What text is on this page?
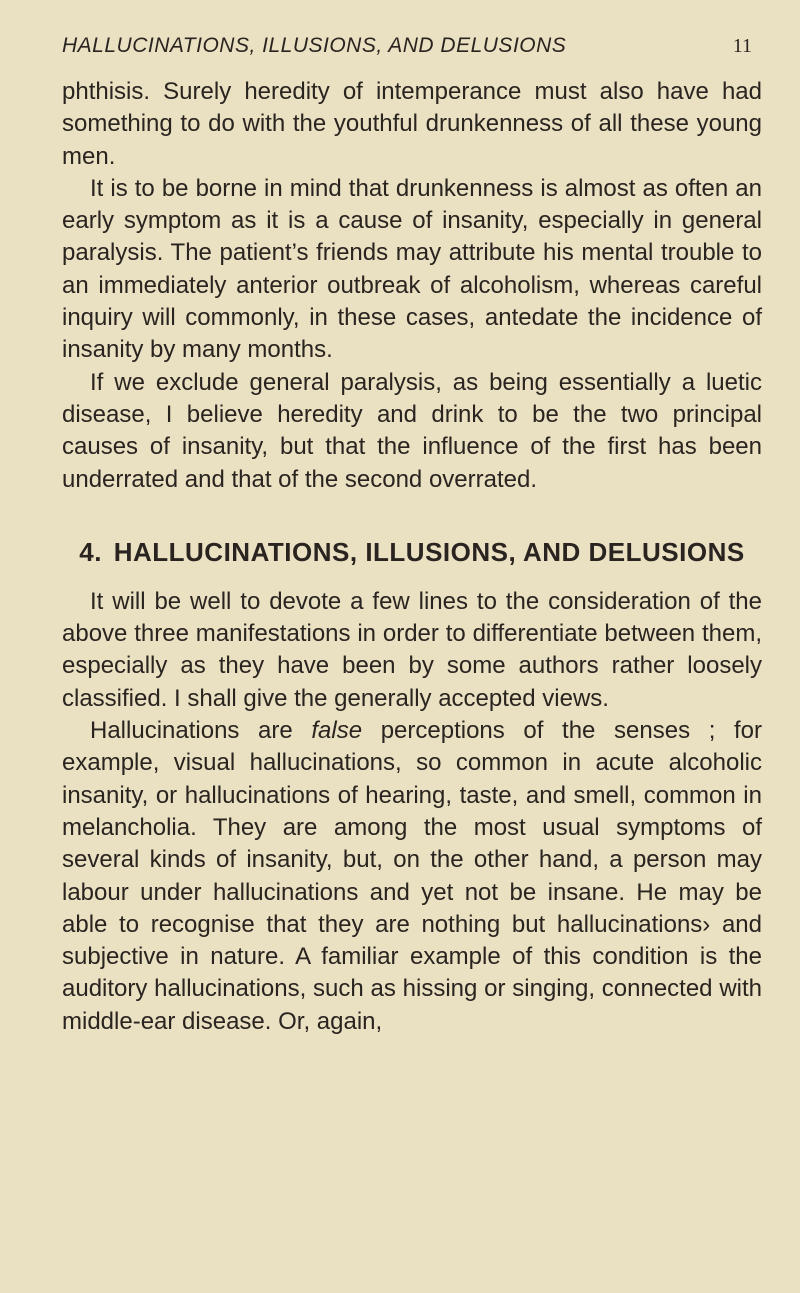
HALLUCINATIONS, ILLUSIONS, AND DELUSIONS	11

phthisis. Surely heredity of intemperance must also have had something to do with the youthful drunkenness of all these young men.

It is to be borne in mind that drunkenness is almost as often an early symptom as it is a cause of insanity, especially in general paralysis. The patient’s friends may attribute his mental trouble to an immediately anterior outbreak of alcoholism, whereas careful inquiry will commonly, in these cases, antedate the incidence of insanity by many months.

If we exclude general paralysis, as being essentially a luetic disease, I believe heredity and drink to be the two principal causes of insanity, but that the influence of the first has been underrated and that of the second overrated.

4. HALLUCINATIONS, ILLUSIONS, AND DELUSIONS

It will be well to devote a few lines to the consideration of the above three manifestations in order to differentiate between them, especially as they have been by some authors rather loosely classified. I shall give the generally accepted views.

Hallucinations are false perceptions of the senses ; for example, visual hallucinations, so common in acute alcoholic insanity, or hallucinations of hearing, taste, and smell, common in melancholia. They are among the most usual symptoms of several kinds of insanity, but, on the other hand, a person may labour under hallucinations and yet not be insane. He may be able to recognise that they are nothing but hallucinations› and subjective in nature. A familiar example of this condition is the auditory hallucinations, such as hissing or singing, connected with middle-ear disease. Or, again,
